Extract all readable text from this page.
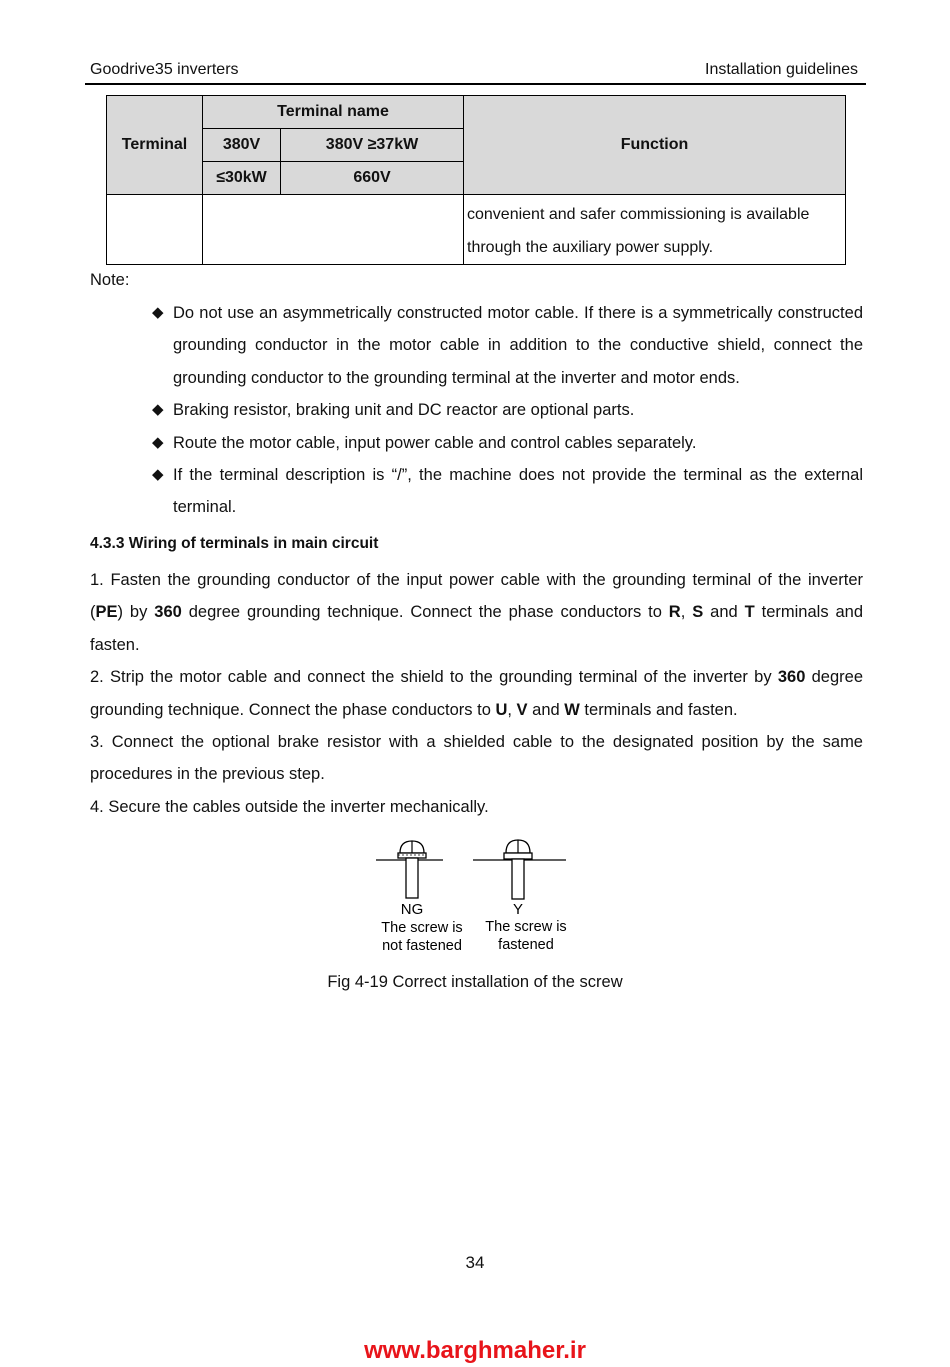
Goodrive35 inverters	Installation guidelines
Terminal	Terminal name		Function
	380V	380V ≥37kW	
	≤30kW	660V	

			convenient and safer commissioning is available
through the auxiliary power supply.
Note:
◆ Do not use an asymmetrically constructed motor cable. If there is a symmetrically constructed grounding conductor in the motor cable in addition to the conductive shield, connect the grounding conductor to the grounding terminal at the inverter and motor ends.
◆ Braking resistor, braking unit and DC reactor are optional parts.
◆ Route the motor cable, input power cable and control cables separately.
◆ If the terminal description is “/”, the machine does not provide the terminal as the external terminal.
4.3.3 Wiring of terminals in main circuit

1. Fasten the grounding conductor of the input power cable with the grounding terminal of the inverter (PE) by 360 degree grounding technique. Connect the phase conductors to R, S and T terminals and fasten.

2. Strip the motor cable and connect the shield to the grounding terminal of the inverter by 360 degree grounding technique. Connect the phase conductors to U, V and W terminals and fasten.

3. Connect the optional brake resistor with a shielded cable to the designated position by the same procedures in the previous step.

4. Secure the cables outside the inverter mechanically.

NG	Y
The screw is
not fastened
The screw is
fastened
Fig 4-19 Correct installation of the screw
34
www.barghmaher.ir
